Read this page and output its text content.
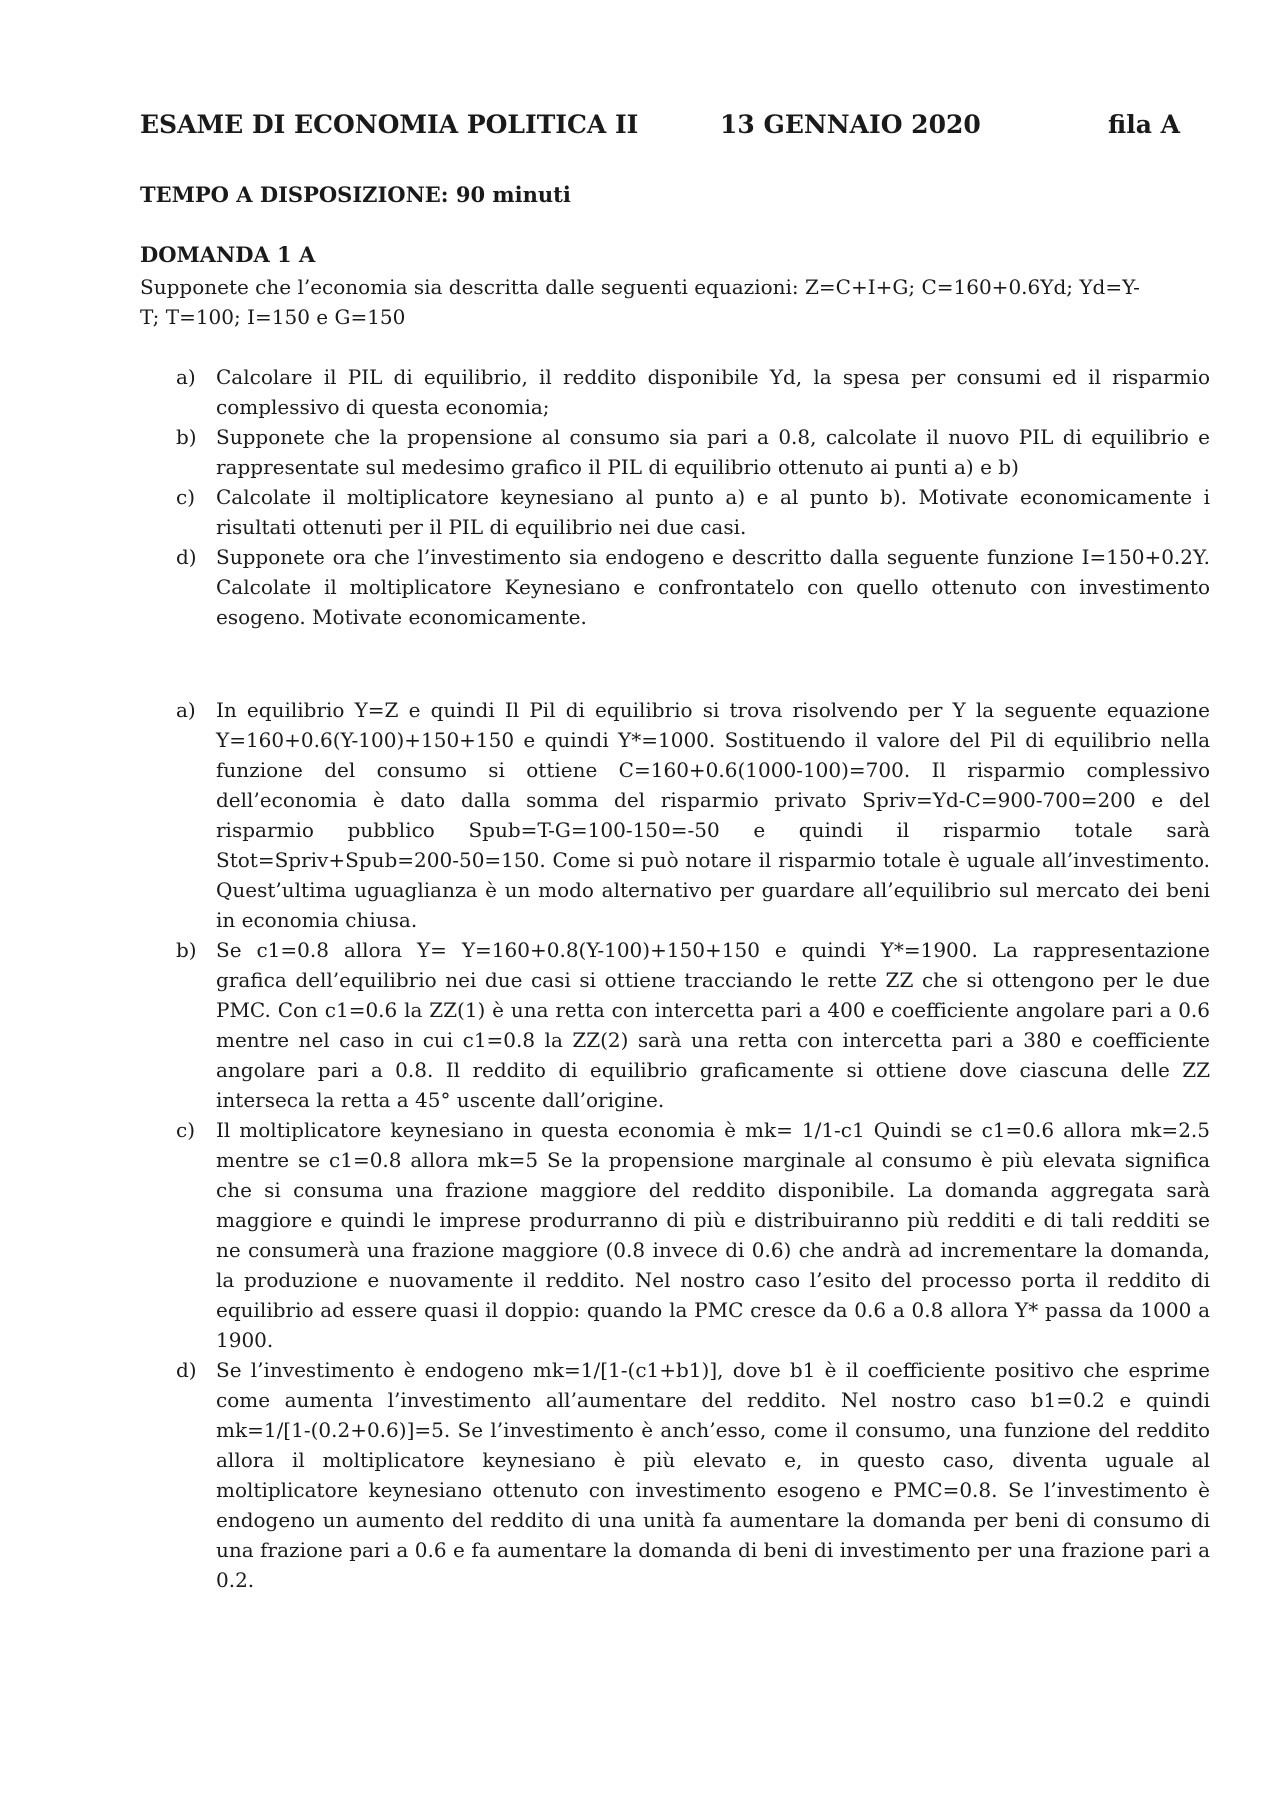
ESAME DI ECONOMIA POLITICA II	13 GENNAIO 2020	fila A
TEMPO A DISPOSIZIONE: 90 minuti
DOMANDA 1 A
Supponete che l’economia sia descritta dalle seguenti equazioni: Z=C+I+G; C=160+0.6Yd; Yd=Y-T; T=100; I=150 e G=150
a) Calcolare il PIL di equilibrio, il reddito disponibile Yd, la spesa per consumi ed il risparmio complessivo di questa economia;
b) Supponete che la propensione al consumo sia pari a 0.8, calcolate il nuovo PIL di equilibrio e rappresentate sul medesimo grafico il PIL di equilibrio ottenuto ai punti a) e b)
c) Calcolate il moltiplicatore keynesiano al punto a) e al punto b). Motivate economicamente i risultati ottenuti per il PIL di equilibrio nei due casi.
d) Supponete ora che l’investimento sia endogeno e descritto dalla seguente funzione I=150+0.2Y. Calcolate il moltiplicatore Keynesiano e confrontatelo con quello ottenuto con investimento esogeno. Motivate economicamente.
a) In equilibrio Y=Z e quindi Il Pil di equilibrio si trova risolvendo per Y la seguente equazione Y=160+0.6(Y-100)+150+150 e quindi Y*=1000. Sostituendo il valore del Pil di equilibrio nella funzione del consumo si ottiene C=160+0.6(1000-100)=700. Il risparmio complessivo dell’economia è dato dalla somma del risparmio privato Spriv=Yd-C=900-700=200 e del risparmio pubblico Spub=T-G=100-150=-50 e quindi il risparmio totale sarà Stot=Spriv+Spub=200-50=150. Come si può notare il risparmio totale è uguale all’investimento. Quest’ultima uguaglianza è un modo alternativo per guardare all’equilibrio sul mercato dei beni in economia chiusa.
b) Se c1=0.8 allora Y= Y=160+0.8(Y-100)+150+150 e quindi Y*=1900. La rappresentazione grafica dell’equilibrio nei due casi si ottiene tracciando le rette ZZ che si ottengono per le due PMC. Con c1=0.6 la ZZ(1) è una retta con intercetta pari a 400 e coefficiente angolare pari a 0.6 mentre nel caso in cui c1=0.8 la ZZ(2) sarà una retta con intercetta pari a 380 e coefficiente angolare pari a 0.8. Il reddito di equilibrio graficamente si ottiene dove ciascuna delle ZZ interseca la retta a 45° uscente dall’origine.
c) Il moltiplicatore keynesiano in questa economia è mk= 1/1-c1 Quindi se c1=0.6 allora mk=2.5 mentre se c1=0.8 allora mk=5 Se la propensione marginale al consumo è più elevata significa che si consuma una frazione maggiore del reddito disponibile. La domanda aggregata sarà maggiore e quindi le imprese produrranno di più e distribuiranno più redditi e di tali redditi se ne consumerà una frazione maggiore (0.8 invece di 0.6) che andrà ad incrementare la domanda, la produzione e nuovamente il reddito. Nel nostro caso l’esito del processo porta il reddito di equilibrio ad essere quasi il doppio: quando la PMC cresce da 0.6 a 0.8 allora Y* passa da 1000 a 1900.
d) Se l’investimento è endogeno mk=1/[1-(c1+b1)], dove b1 è il coefficiente positivo che esprime come aumenta l’investimento all’aumentare del reddito. Nel nostro caso b1=0.2 e quindi mk=1/[1-(0.2+0.6)]=5. Se l’investimento è anch’esso, come il consumo, una funzione del reddito allora il moltiplicatore keynesiano è più elevato e, in questo caso, diventa uguale al moltiplicatore keynesiano ottenuto con investimento esogeno e PMC=0.8. Se l’investimento è endogeno un aumento del reddito di una unità fa aumentare la domanda per beni di consumo di una frazione pari a 0.6 e fa aumentare la domanda di beni di investimento per una frazione pari a 0.2.
